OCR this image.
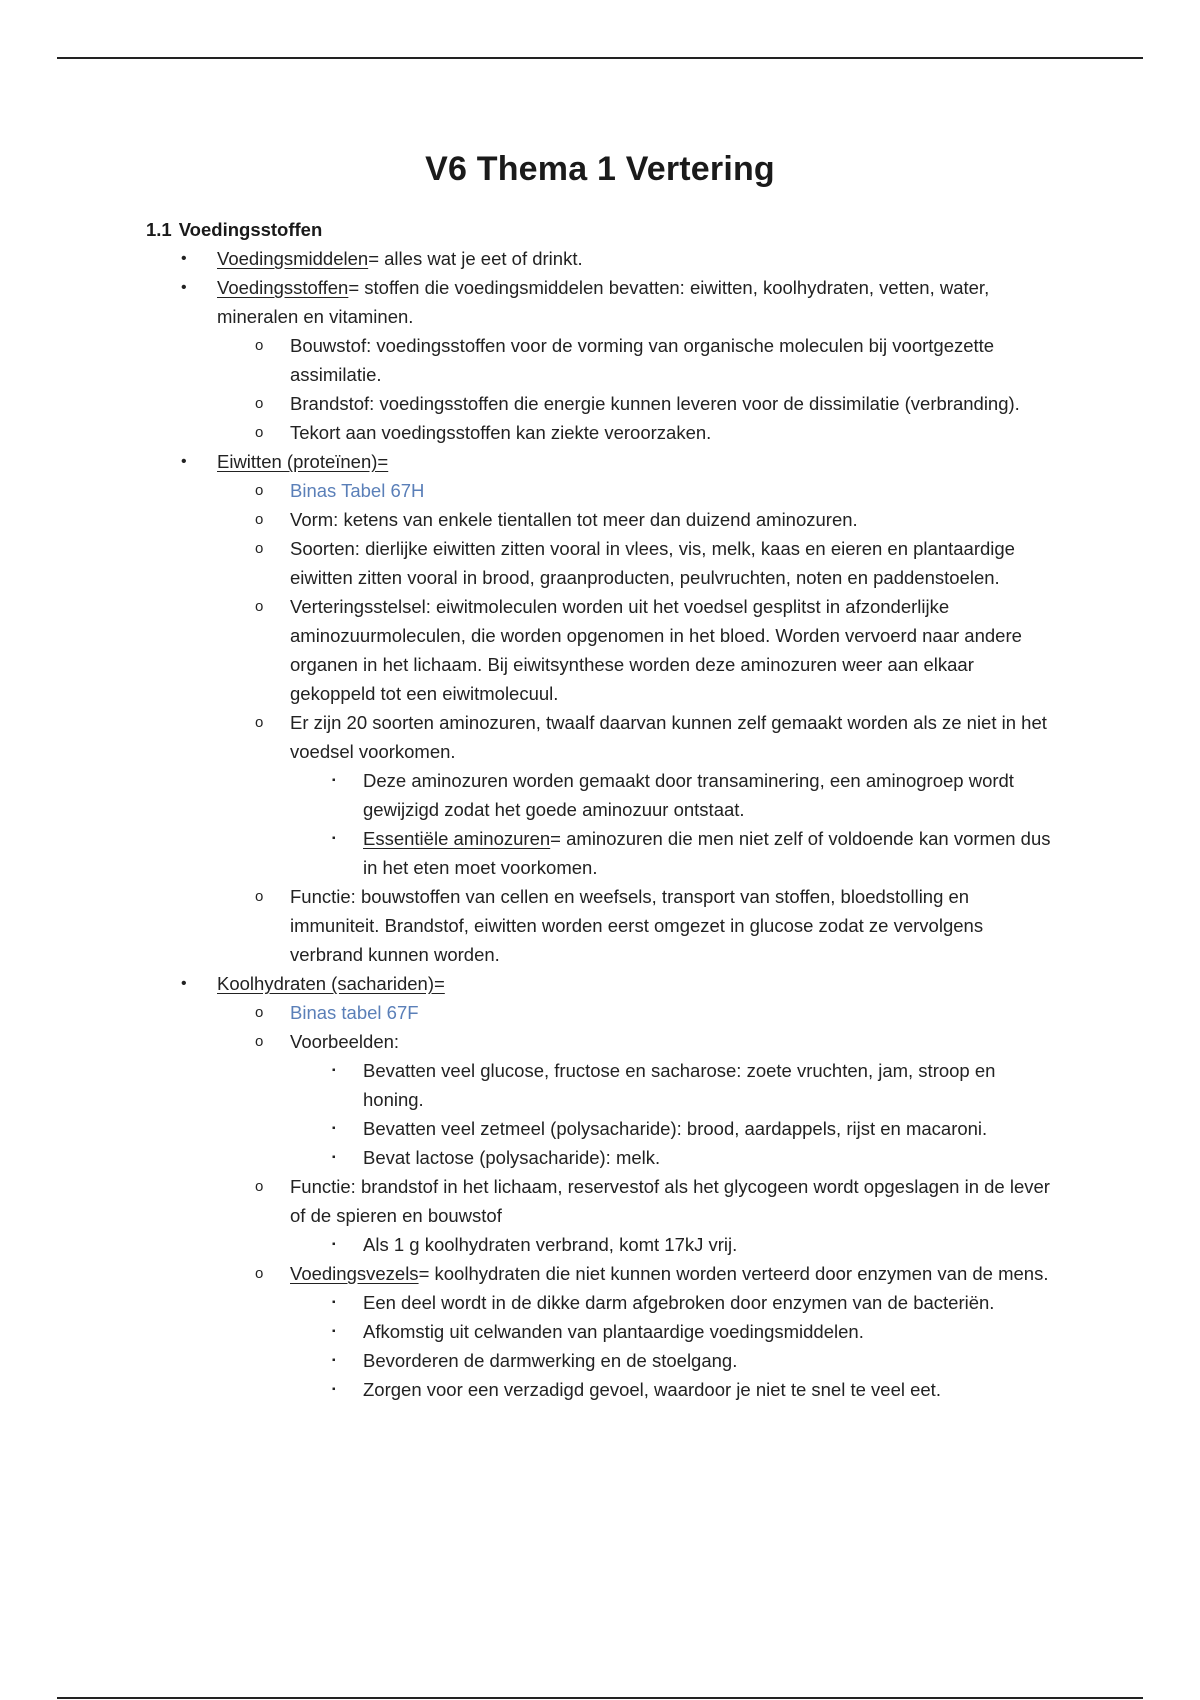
V6 Thema 1 Vertering
1.1 Voedingsstoffen
•	Voedingsmiddelen= alles wat je eet of drinkt.
•	Voedingsstoffen= stoffen die voedingsmiddelen bevatten: eiwitten, koolhydraten, vetten, water, mineralen en vitaminen.
o	Bouwstof: voedingsstoffen voor de vorming van organische moleculen bij voortgezette assimilatie.
o	Brandstof: voedingsstoffen die energie kunnen leveren voor de dissimilatie (verbranding).
o	Tekort aan voedingsstoffen kan ziekte veroorzaken.
•	Eiwitten (proteïnen)=
o	Binas Tabel 67H
o	Vorm: ketens van enkele tientallen tot meer dan duizend aminozuren.
o	Soorten: dierlijke eiwitten zitten vooral in vlees, vis, melk, kaas en eieren en plantaardige eiwitten zitten vooral in brood, graanproducten, peulvruchten, noten en paddenstoelen.
o	Verteringsstelsel: eiwitmoleculen worden uit het voedsel gesplitst in afzonderlijke aminozuurmoleculen, die worden opgenomen in het bloed. Worden vervoerd naar andere organen in het lichaam. Bij eiwitsynthese worden deze aminozuren weer aan elkaar gekoppeld tot een eiwitmolecuul.
o	Er zijn 20 soorten aminozuren, twaalf daarvan kunnen zelf gemaakt worden als ze niet in het voedsel voorkomen.
▪	Deze aminozuren worden gemaakt door transaminering, een aminogroep wordt gewijzigd zodat het goede aminozuur ontstaat.
▪	Essentiële aminozuren= aminozuren die men niet zelf of voldoende kan vormen dus in het eten moet voorkomen.
o	Functie: bouwstoffen van cellen en weefsels, transport van stoffen, bloedstolling en immuniteit. Brandstof, eiwitten worden eerst omgezet in glucose zodat ze vervolgens verbrand kunnen worden.
•	Koolhydraten (sachariden)=
o	Binas tabel 67F
o	Voorbeelden:
▪	Bevatten veel glucose, fructose en sacharose: zoete vruchten, jam, stroop en honing.
▪	Bevatten veel zetmeel (polysacharide): brood, aardappels, rijst en macaroni.
▪	Bevat lactose (polysacharide): melk.
o	Functie: brandstof in het lichaam, reservestof als het glycogeen wordt opgeslagen in de lever of de spieren en bouwstof
▪	Als 1 g koolhydraten verbrand, komt 17kJ vrij.
o	Voedingsvezels= koolhydraten die niet kunnen worden verteerd door enzymen van de mens.
▪	Een deel wordt in de dikke darm afgebroken door enzymen van de bacteriën.
▪	Afkomstig uit celwanden van plantaardige voedingsmiddelen.
▪	Bevorderen de darmwerking en de stoelgang.
▪	Zorgen voor een verzadigd gevoel, waardoor je niet te snel te veel eet.
